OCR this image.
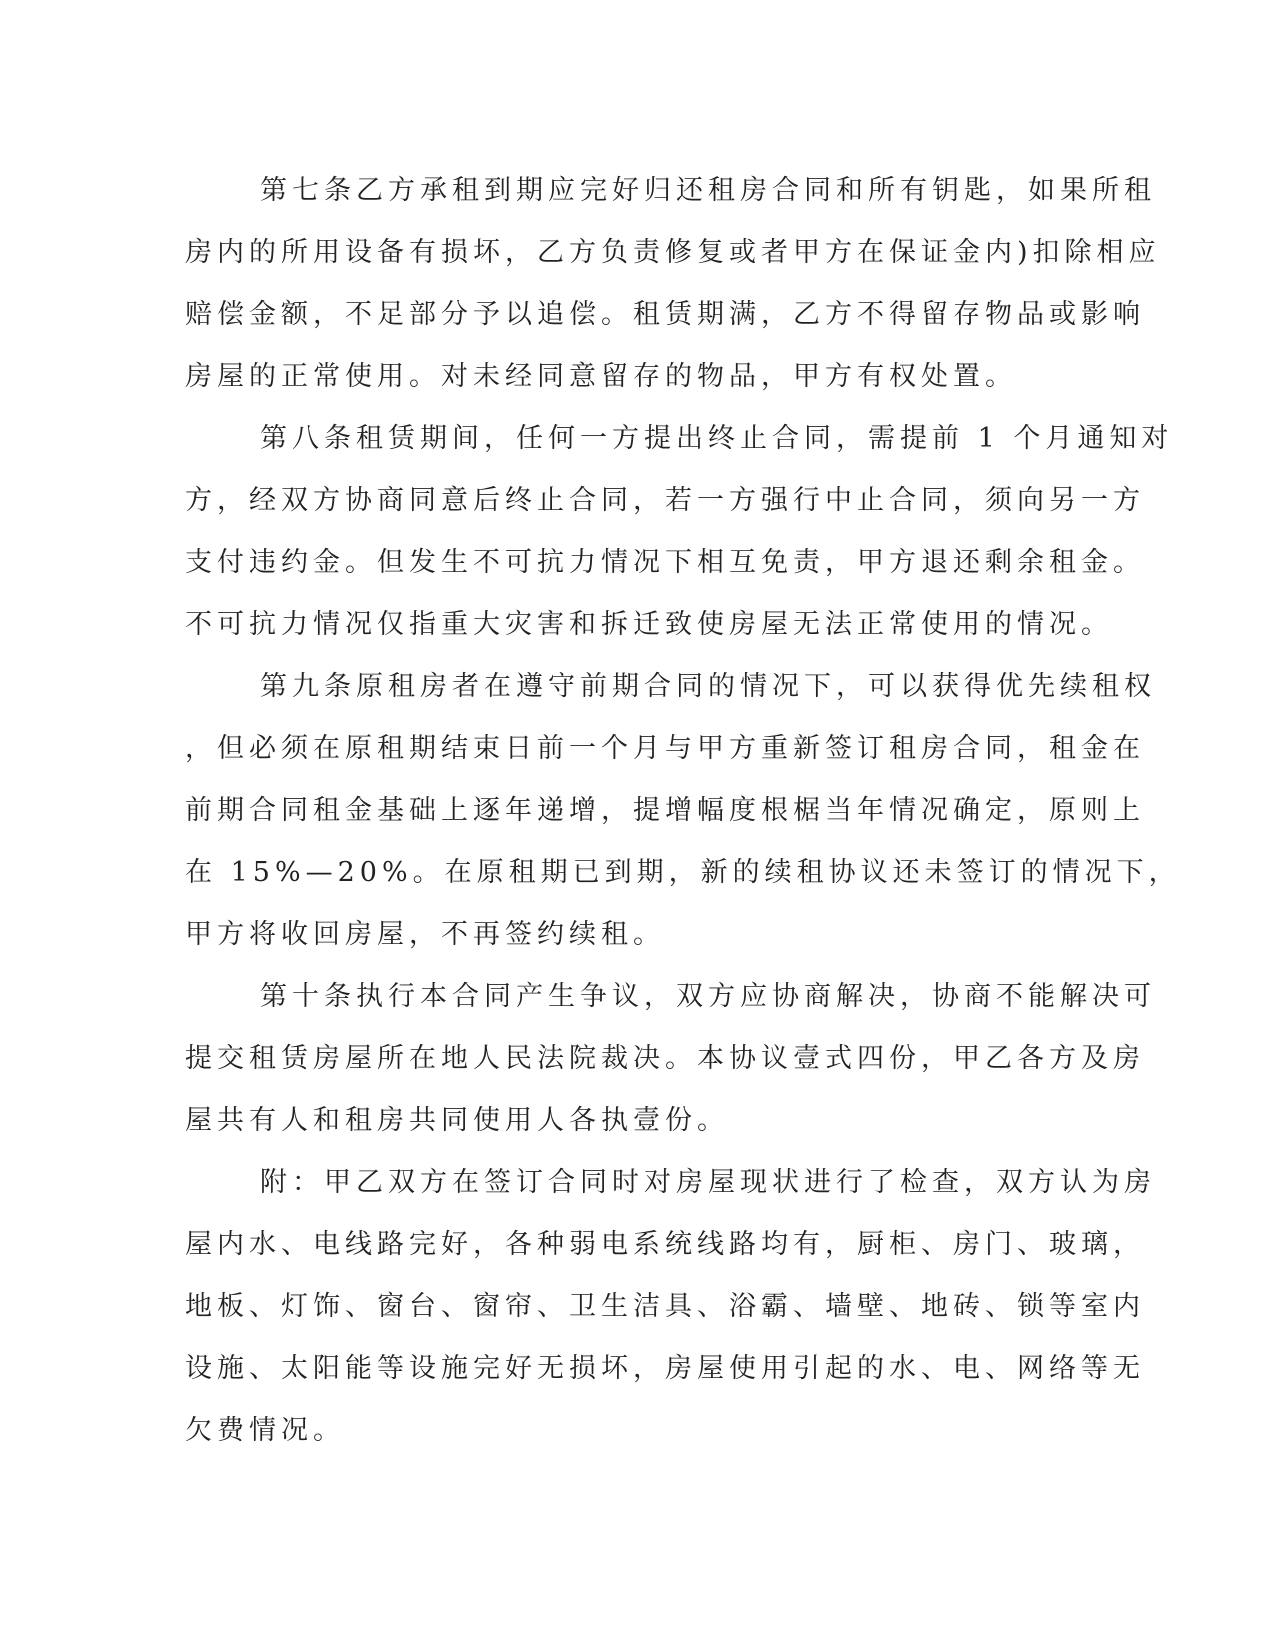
第七条乙方承租到期应完好归还租房合同和所有钥匙，如果所租
房内的所用设备有损坏，乙方负责修复或者甲方在保证金内)扣除相应
赔偿金额，不足部分予以追偿。租赁期满，乙方不得留存物品或影响
房屋的正常使用。对未经同意留存的物品，甲方有权处置。
第八条租赁期间，任何一方提出终止合同，需提前 1 个月通知对
方，经双方协商同意后终止合同，若一方强行中止合同，须向另一方
支付违约金。但发生不可抗力情况下相互免责，甲方退还剩余租金。
不可抗力情况仅指重大灾害和拆迁致使房屋无法正常使用的情况。
第九条原租房者在遵守前期合同的情况下，可以获得优先续租权
，但必须在原租期结束日前一个月与甲方重新签订租房合同，租金在
前期合同租金基础上逐年递增，提增幅度根椐当年情况确定，原则上
在 15%—20%。在原租期已到期，新的续租协议还未签订的情况下，
甲方将收回房屋，不再签约续租。
第十条执行本合同产生争议，双方应协商解决，协商不能解决可
提交租赁房屋所在地人民法院裁决。本协议壹式四份，甲乙各方及房
屋共有人和租房共同使用人各执壹份。
附：甲乙双方在签订合同时对房屋现状进行了检查，双方认为房
屋内水、电线路完好，各种弱电系统线路均有，厨柜、房门、玻璃，
地板、灯饰、窗台、窗帘、卫生洁具、浴霸、墙壁、地砖、锁等室内
设施、太阳能等设施完好无损坏，房屋使用引起的水、电、网络等无
欠费情况。
